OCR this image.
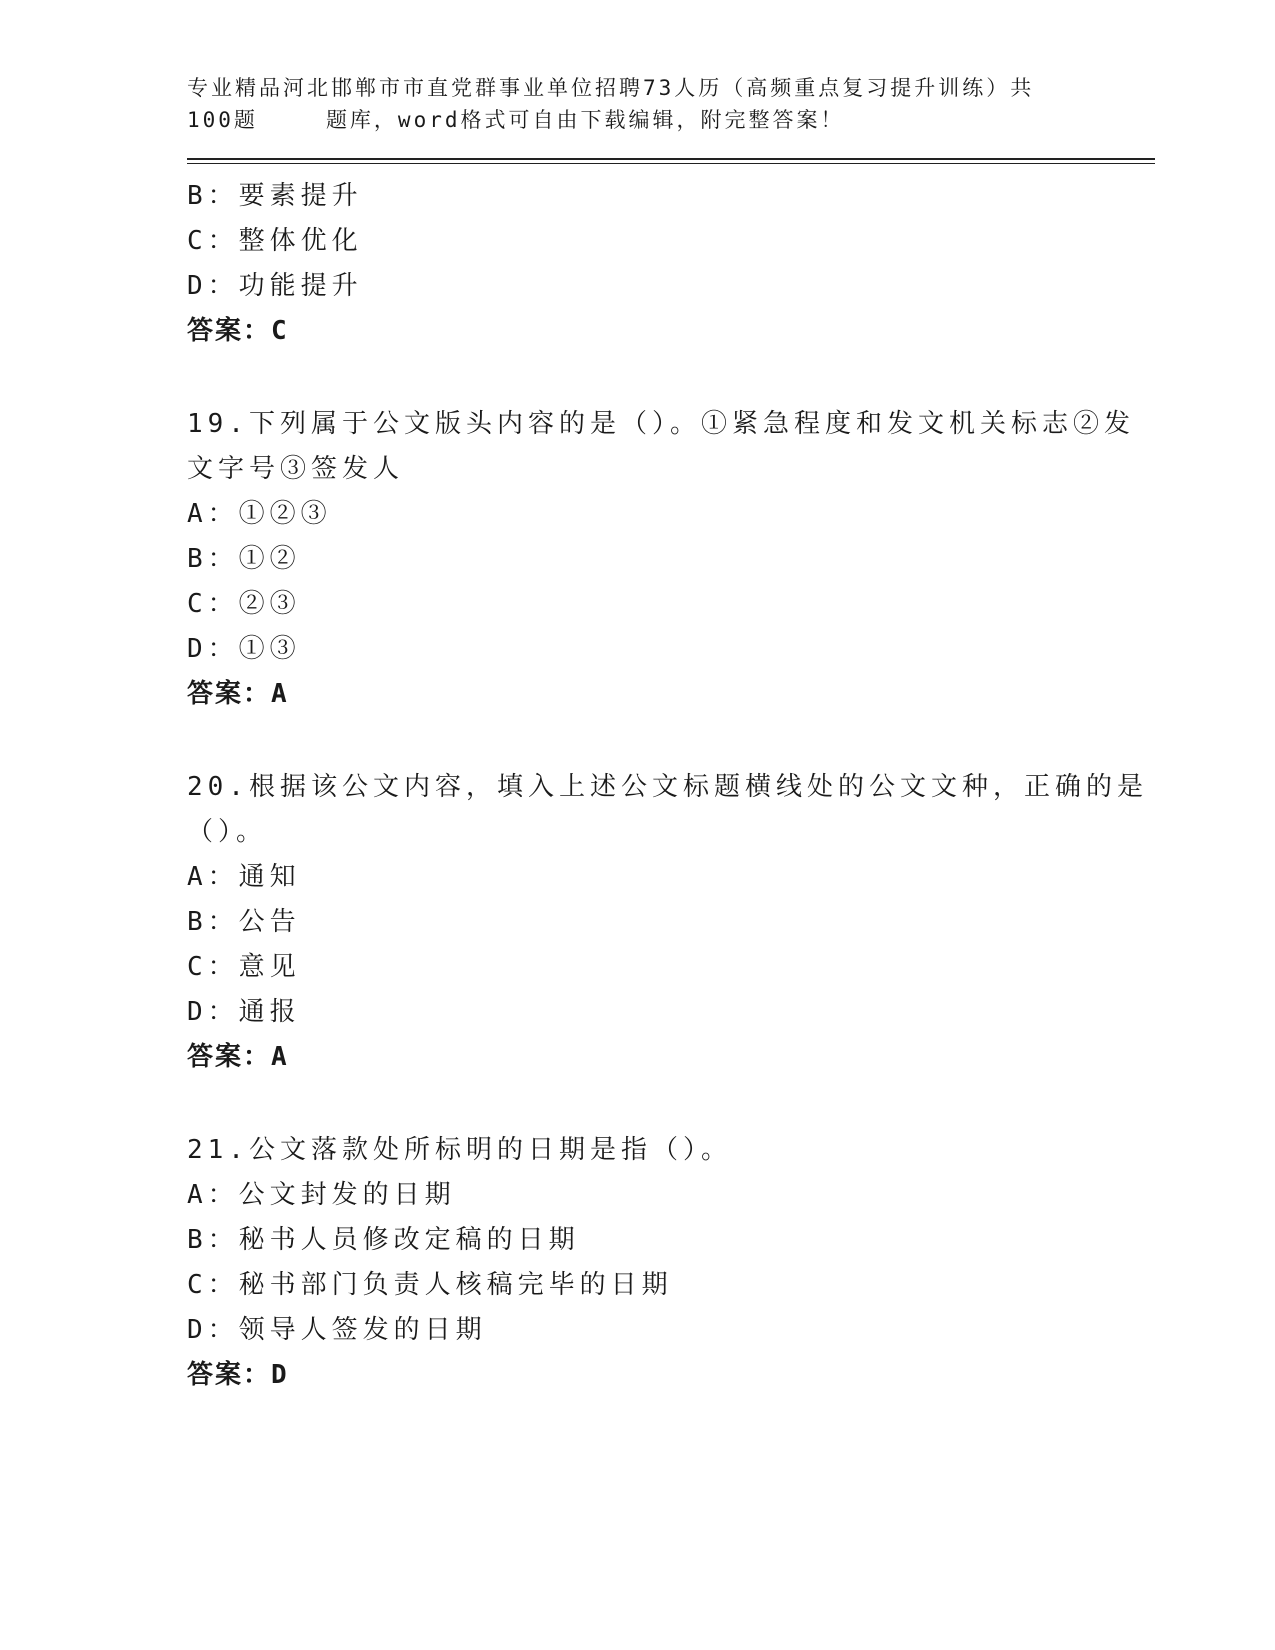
专业精品河北邯郸市市直党群事业单位招聘73人历（高频重点复习提升训练）共
100题	题库，word格式可自由下载编辑，附完整答案！
B：要素提升
C：整体优化
D：功能提升
答案：C
19.下列属于公文版头内容的是（）。①紧急程度和发文机关标志②发
文字号③签发人
A：①②③
B：①②
C：②③
D：①③
答案：A
20.根据该公文内容，填入上述公文标题横线处的公文文种，正确的是
（）。
A：通知
B：公告
C：意见
D：通报
答案：A
21.公文落款处所标明的日期是指（）。
A：公文封发的日期
B：秘书人员修改定稿的日期
C：秘书部门负责人核稿完毕的日期
D：领导人签发的日期
答案：D
